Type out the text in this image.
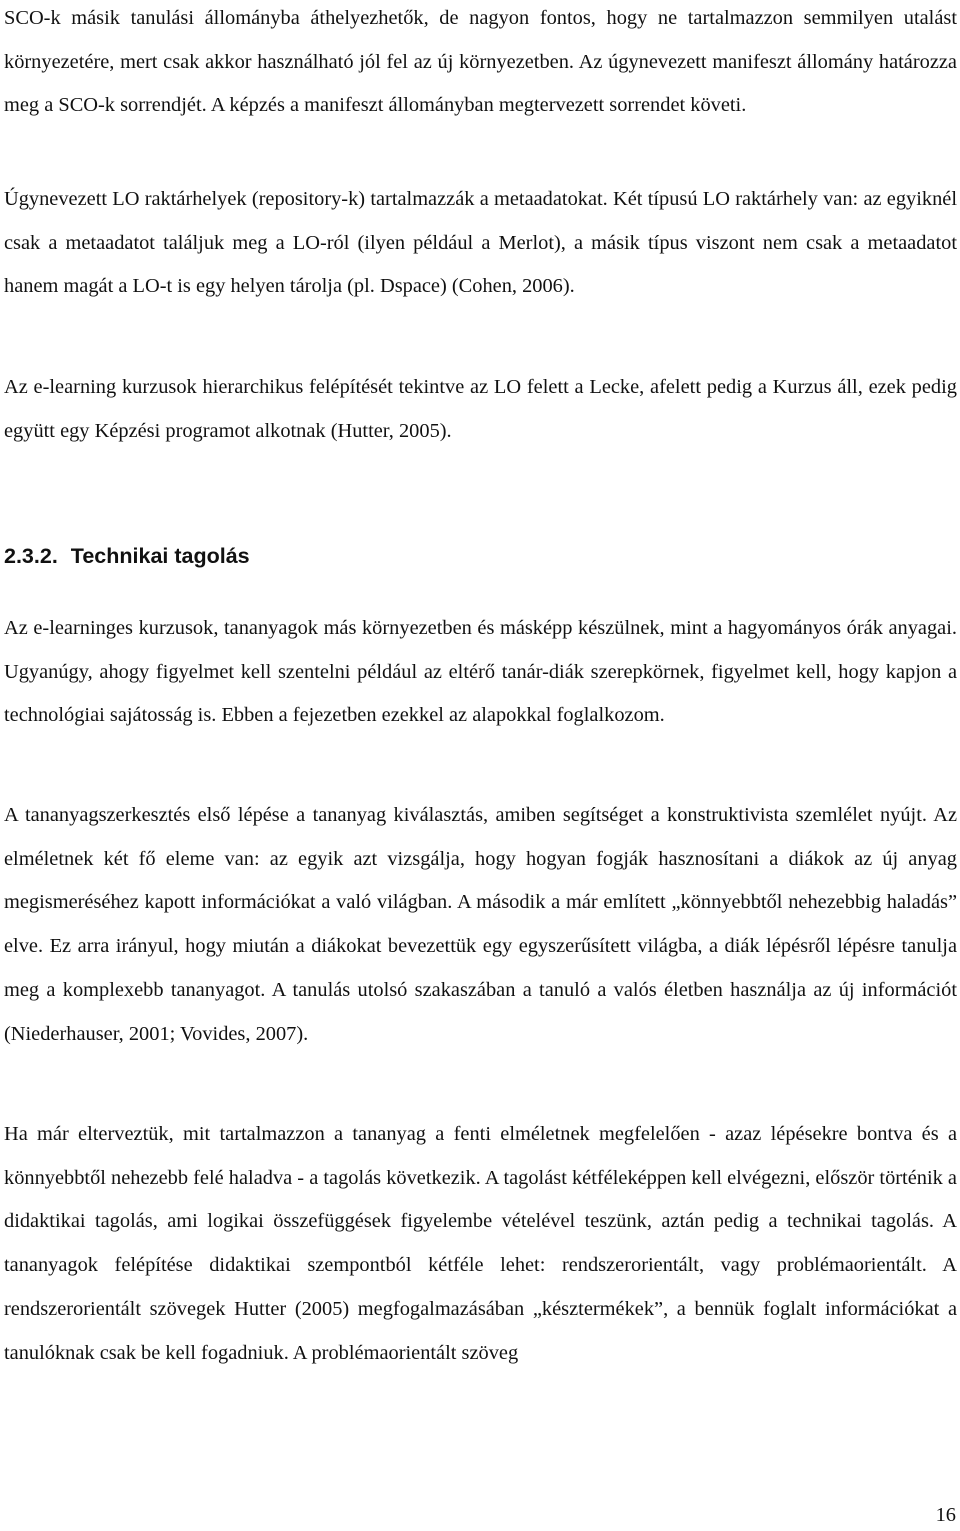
SCO-k másik tanulási állományba áthelyezhetők, de nagyon fontos, hogy ne tartalmazzon semmilyen utalást környezetére, mert csak akkor használható jól fel az új környezetben. Az úgynevezett manifeszt állomány határozza meg a SCO-k sorrendjét. A képzés a manifeszt állományban megtervezett sorrendet követi.

Úgynevezett LO raktárhelyek (repository-k) tartalmazzák a metaadatokat. Két típusú LO raktárhely van: az egyiknél csak a metaadatot találjuk meg a LO-ról (ilyen például a Merlot), a másik típus viszont nem csak a metaadatot hanem magát a LO-t is egy helyen tárolja (pl. Dspace) (Cohen, 2006).

Az e-learning kurzusok hierarchikus felépítését tekintve az LO felett a Lecke, afelett pedig a Kurzus áll, ezek pedig együtt egy Képzési programot alkotnak (Hutter, 2005).

2.3.2. Technikai tagolás

Az e-learninges kurzusok, tananyagok más környezetben és másképp készülnek, mint a hagyományos órák anyagai. Ugyanúgy, ahogy figyelmet kell szentelni például az eltérő tanár-diák szerepkörnek, figyelmet kell, hogy kapjon a technológiai sajátosság is. Ebben a fejezetben ezekkel az alapokkal foglalkozom.

A tananyagszerkesztés első lépése a tananyag kiválasztás, amiben segítséget a konstruktivista szemlélet nyújt. Az elméletnek két fő eleme van: az egyik azt vizsgálja, hogy hogyan fogják hasznosítani a diákok az új anyag megismeréséhez kapott információkat a való világban. A második a már említett „könnyebbtől nehezebbig haladás” elve. Ez arra irányul, hogy miután a diákokat bevezettük egy egyszerűsített világba, a diák lépésről lépésre tanulja meg a komplexebb tananyagot. A tanulás utolsó szakaszában a tanuló a valós életben használja az új információt (Niederhauser, 2001; Vovides, 2007).

Ha már elterveztük, mit tartalmazzon a tananyag a fenti elméletnek megfelelően - azaz lépésekre bontva és a könnyebbtől nehezebb felé haladva - a tagolás következik. A tagolást kétféleképpen kell elvégezni, először történik a didaktikai tagolás, ami logikai összefüggések figyelembe vételével teszünk, aztán pedig a technikai tagolás. A tananyagok felépítése didaktikai szempontból kétféle lehet: rendszerorientált, vagy problémaorientált. A rendszerorientált szövegek Hutter (2005) megfogalmazásában „késztermékek”, a bennük foglalt információkat a tanulóknak csak be kell fogadniuk. A problémaorientált szöveg

16
